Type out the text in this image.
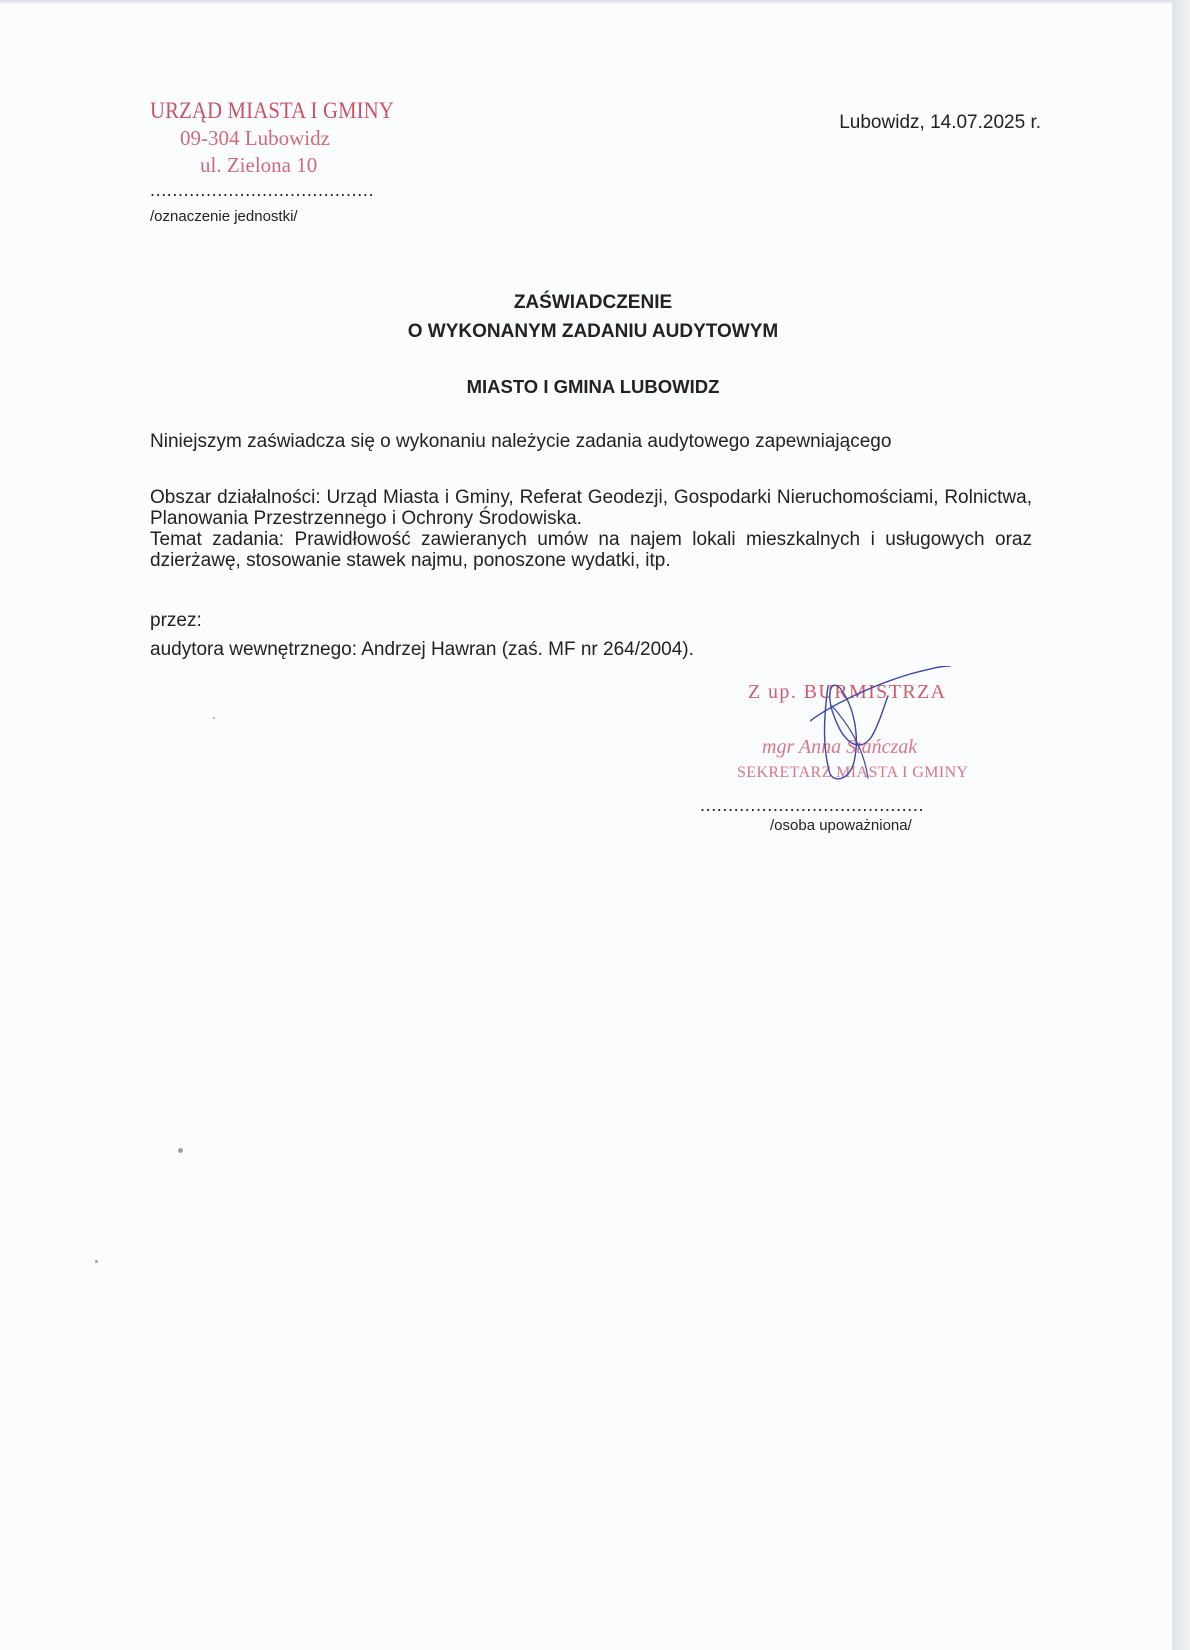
URZĄD MIASTA I GMINY
09-304 Lubowidz
ul. Zielona 10
........................................
/oznaczenie jednostki/
Lubowidz, 14.07.2025 r.
ZAŚWIADCZENIE
O WYKONANYM ZADANIU AUDYTOWYM
MIASTO I GMINA LUBOWIDZ
Niniejszym zaświadcza się o wykonaniu należycie zadania audytowego zapewniającego
Obszar działalności: Urząd Miasta i Gminy, Referat Geodezji, Gospodarki Nieruchomościami, Rolnictwa, Planowania Przestrzennego i Ochrony Środowiska.
Temat zadania: Prawidłowość zawieranych umów na najem lokali mieszkalnych i usługowych oraz dzierżawę, stosowanie stawek najmu, ponoszone wydatki, itp.
przez:
audytora wewnętrznego: Andrzej Hawran (zaś. MF nr 264/2004).
Z up. BURMISTRZA
mgr Anna Stańczak
SEKRETARZ MIASTA I GMINY
........................................
/osoba upoważniona/
